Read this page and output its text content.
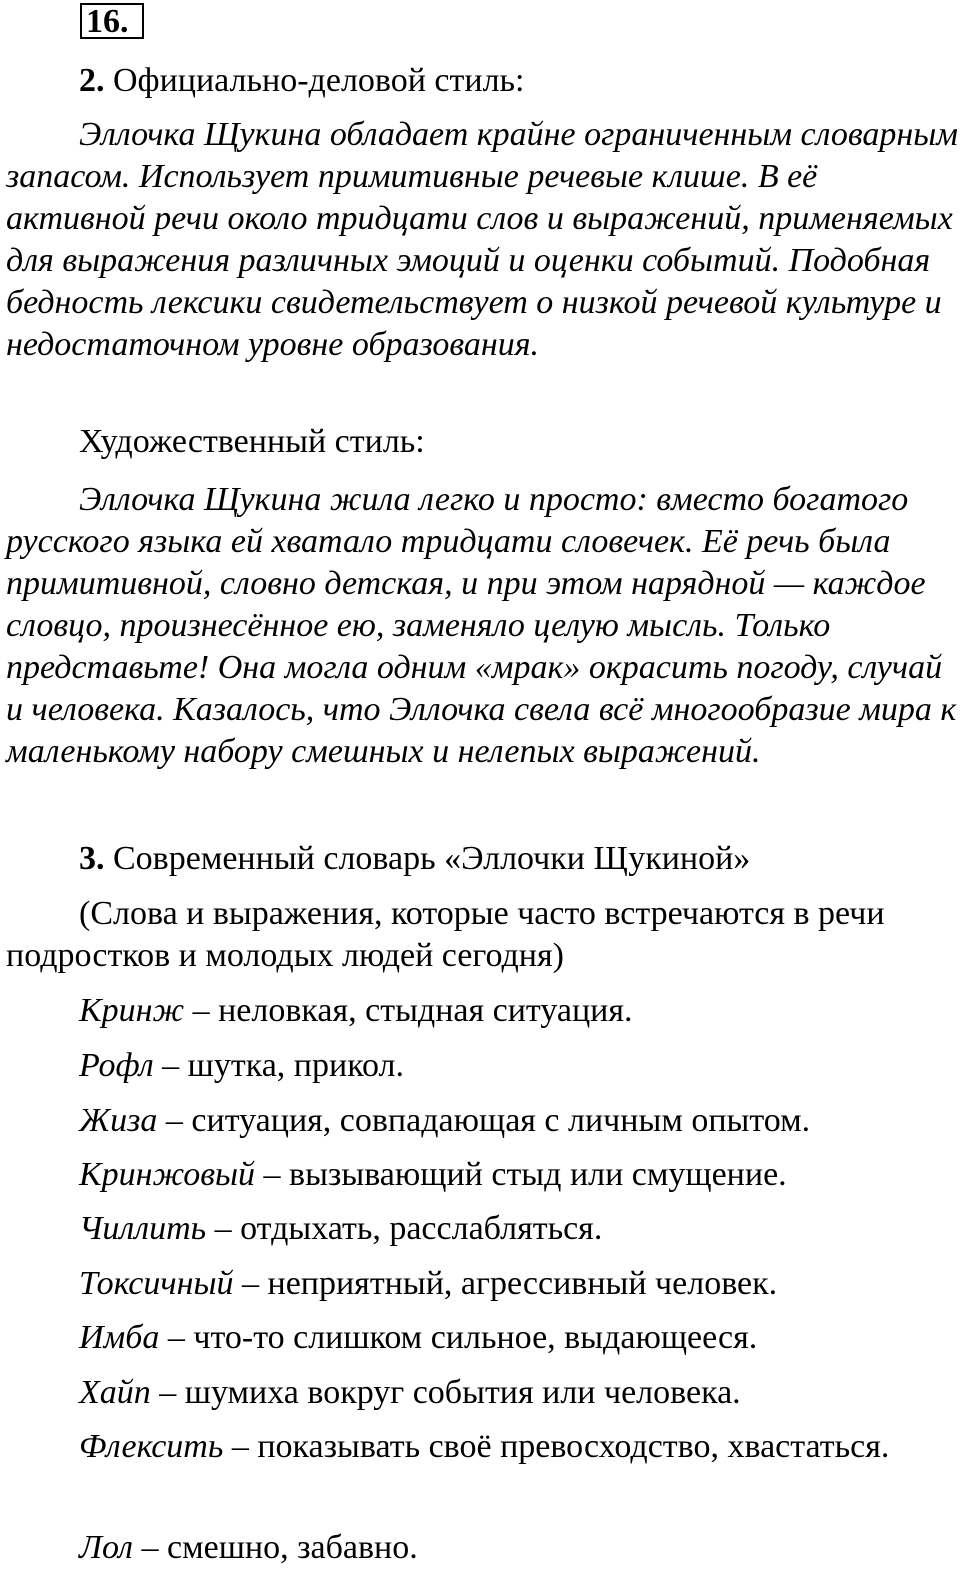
16.

2. Официально-деловой стиль:

Эллочка Щукина обладает крайне ограниченным словарным запасом. Использует примитивные речевые клише. В её активной речи около тридцати слов и выражений, применяемых для выражения различных эмоций и оценки событий. Подобная бедность лексики свидетельствует о низкой речевой культуре и недостаточном уровне образования.

Художественный стиль:

Эллочка Щукина жила легко и просто: вместо богатого русского языка ей хватало тридцати словечек. Её речь была примитивной, словно детская, и при этом нарядной — каждое словцо, произнесённое ею, заменяло целую мысль. Только представьте! Она могла одним «мрак» окрасить погоду, случай и человека. Казалось, что Эллочка свела всё многообразие мира к маленькому набору смешных и нелепых выражений.

3. Современный словарь «Эллочки Щукиной»

(Слова и выражения, которые часто встречаются в речи подростков и молодых людей сегодня)

Кринж – неловкая, стыдная ситуация.

Рофл – шутка, прикол.

Жиза – ситуация, совпадающая с личным опытом.

Кринжовый – вызывающий стыд или смущение.

Чиллить – отдыхать, расслабляться.

Токсичный – неприятный, агрессивный человек.

Имба – что-то слишком сильное, выдающееся.

Хайп – шумиха вокруг события или человека.

Флексить – показывать своё превосходство, хвастаться.

Лол – смешно, забавно.
